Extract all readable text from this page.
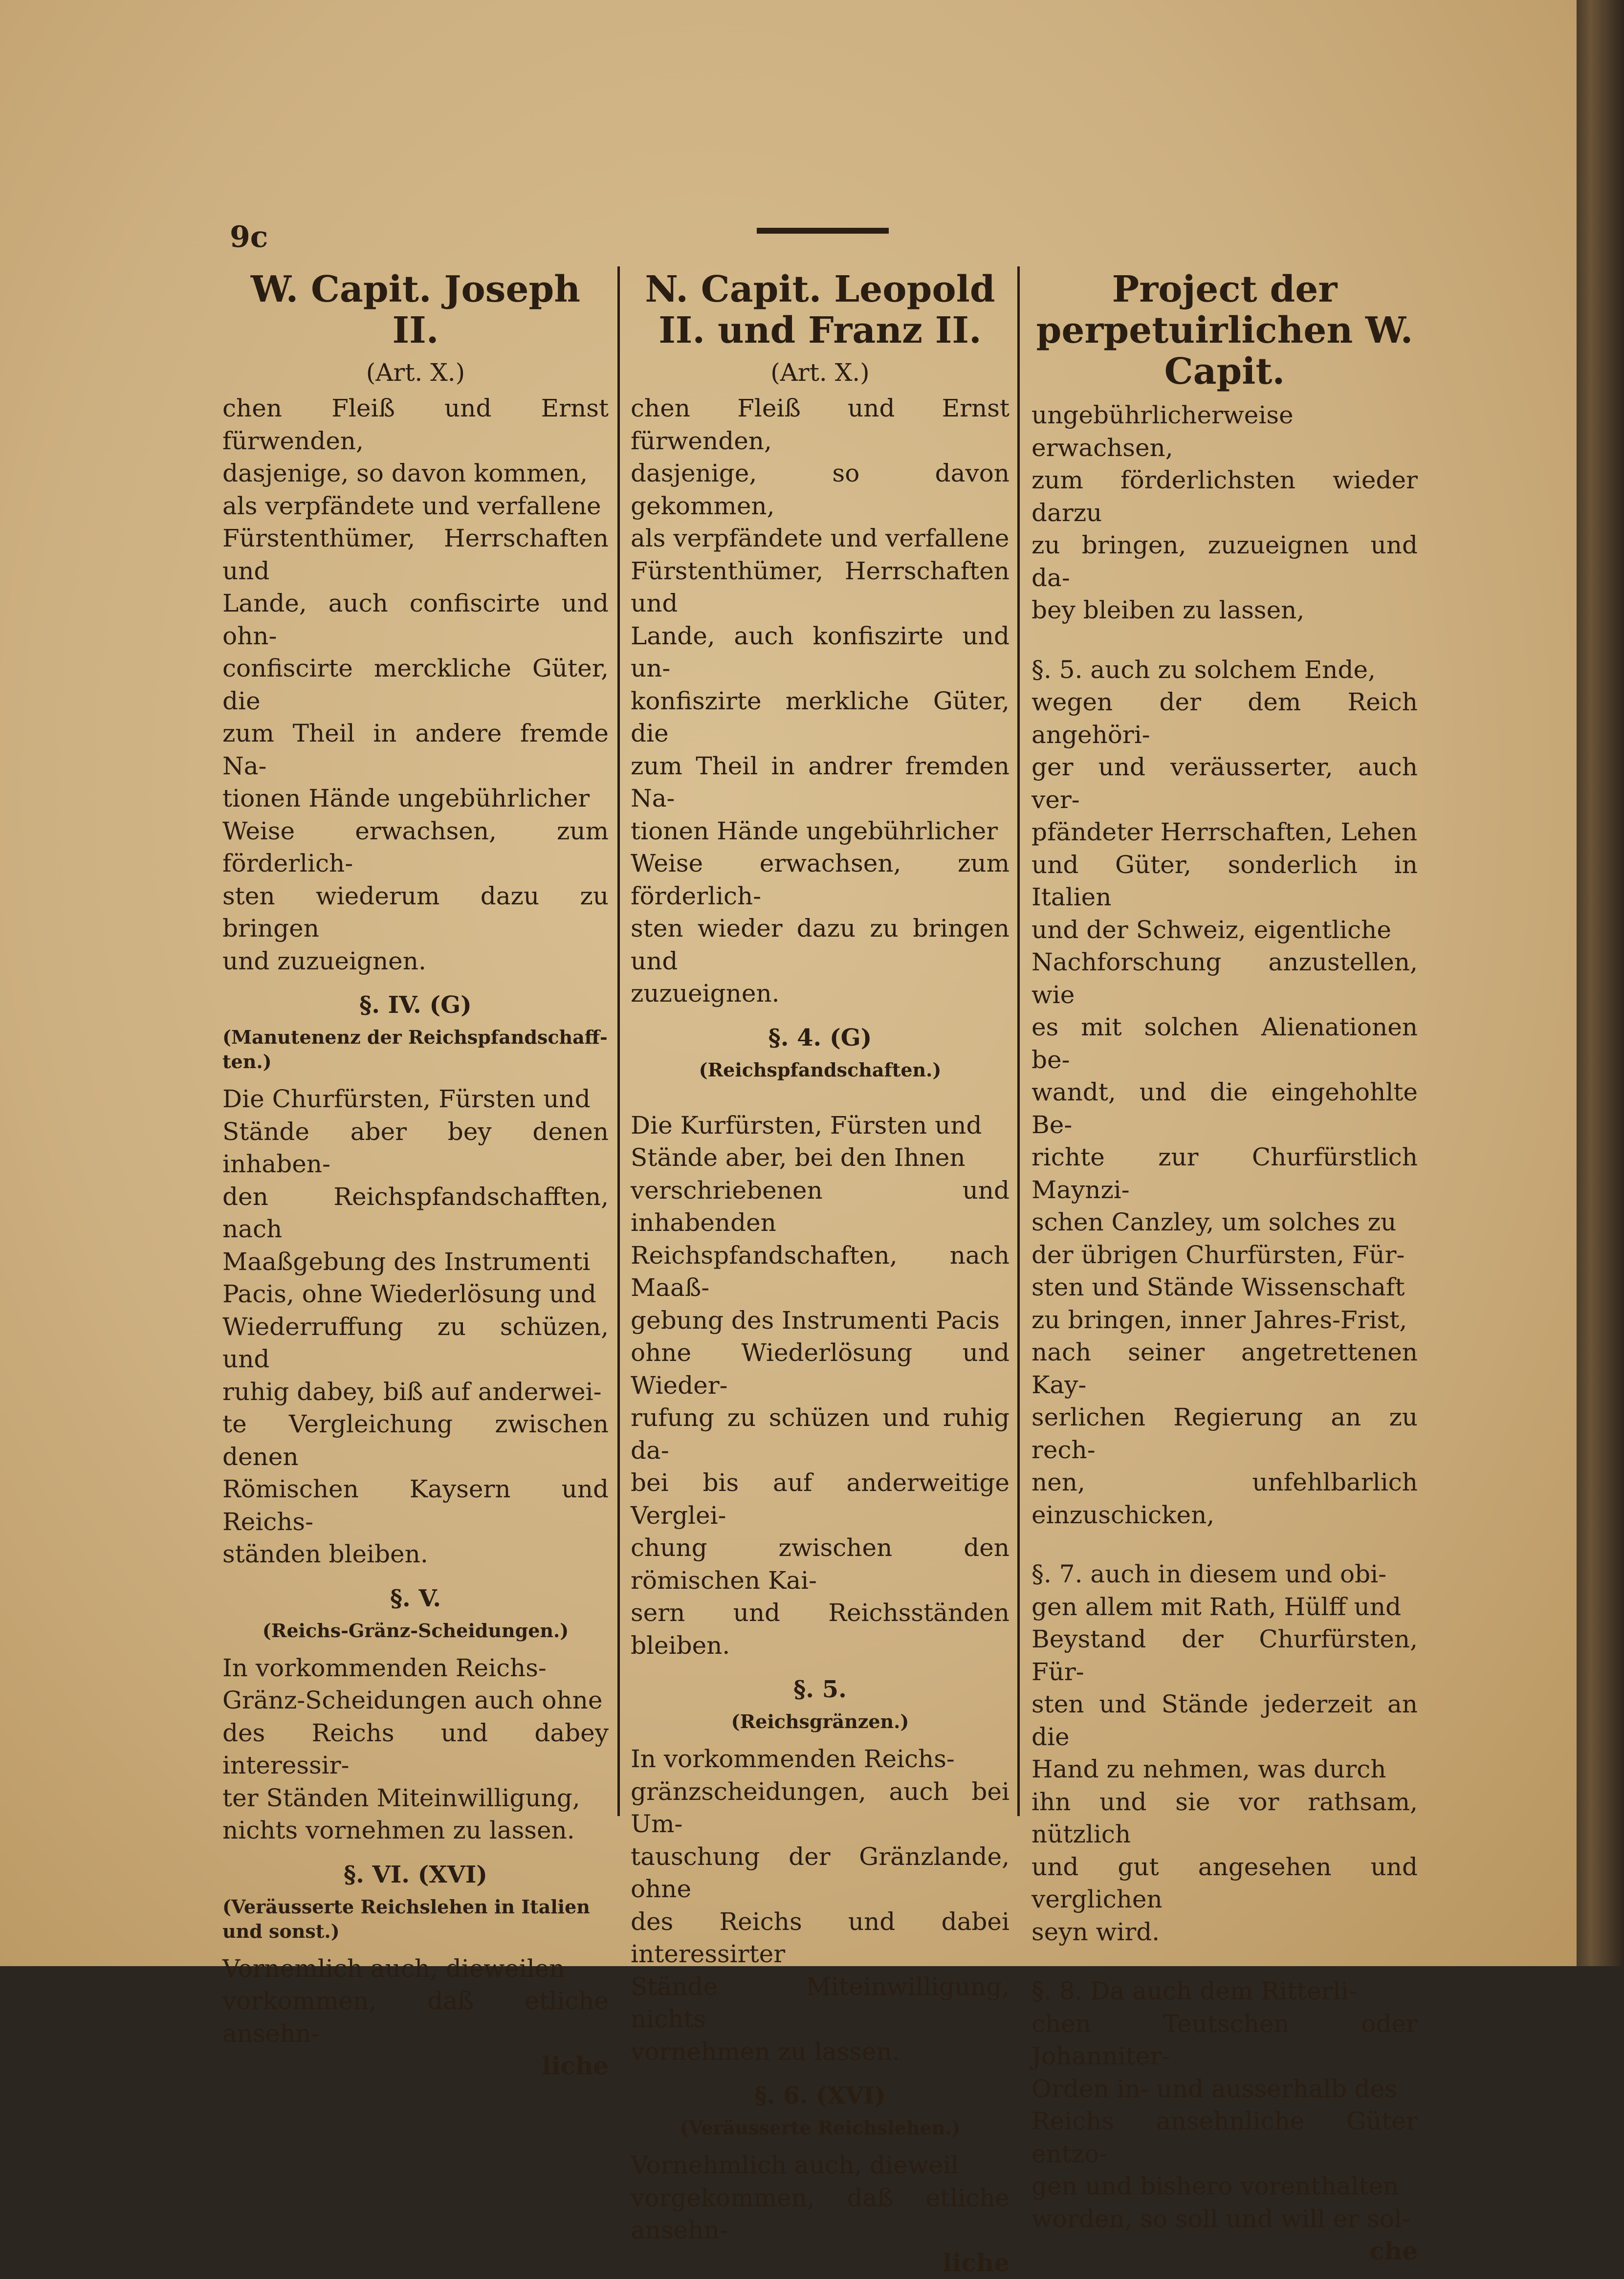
9c
W. Capit. Joseph II.
(Art. X.)

chen Fleiß und Ernst fürwenden,
dasjenige, so davon kommen,
als verpfändete und verfallene
Fürstenthümer, Herrschaften und
Lande, auch confiscirte und ohn-
confiscirte merckliche Güter, die
zum Theil in andere fremde Na-
tionen Hände ungebührlicher
Weise erwachsen, zum förderlich-
sten wiederum dazu zu bringen
und zuzueignen.

§. IV. (G)
(Manutenenz der Reichspfandschaff-
ten.)

Die Churfürsten, Fürsten und
Stände aber bey denen inhaben-
den Reichspfandschafften, nach
Maaßgebung des Instrumenti
Pacis, ohne Wiederlösung und
Wiederruffung zu schüzen, und
ruhig dabey, biß auf anderwei-
te Vergleichung zwischen denen
Römischen Kaysern und Reichs-
ständen bleiben.

§. V.
(Reichs-Gränz-Scheidungen.)

In vorkommenden Reichs-
Gränz-Scheidungen auch ohne
des Reichs und dabey interessir-
ter Ständen Miteinwilligung,
nichts vornehmen zu lassen.

§. VI. (XVI)
(Veräusserte Reichslehen in Italien
und sonst.)

Vornemlich auch, dieweilen
vorkommen, daß etliche ansehn-

liche

N. Capit. Leopold II. und Franz II.
(Art. X.)

chen Fleiß und Ernst fürwenden,
dasjenige, so davon gekommen,
als verpfändete und verfallene
Fürstenthümer, Herrschaften und
Lande, auch konfiszirte und un-
konfiszirte merkliche Güter, die
zum Theil in andrer fremden Na-
tionen Hände ungebührlicher
Weise erwachsen, zum förderlich-
sten wieder dazu zu bringen und
zuzueignen.

§. 4. (G)
(Reichspfandschaften.)

Die Kurfürsten, Fürsten und
Stände aber, bei den Ihnen
verschriebenen und inhabenden
Reichspfandschaften, nach Maaß-
gebung des Instrumenti Pacis
ohne Wiederlösung und Wieder-
rufung zu schüzen und ruhig da-
bei bis auf anderweitige Verglei-
chung zwischen den römischen Kai-
sern und Reichsständen bleiben.

§. 5.
(Reichsgränzen.)

In vorkommenden Reichs-
gränzscheidungen, auch bei Um-
tauschung der Gränzlande, ohne
des Reichs und dabei interessirter
Stände Miteinwilligung, nichts
vornehmen zu lassen.

§. 6. (XVI)
(Veräusserte Reichslehen.)

Vornehmlich auch, dieweil
vorgekommen, daß etliche ansehn-

liche

Project der perpetuirlichen W. Capit.

ungebührlicherweise erwachsen,
zum förderlichsten wieder darzu
zu bringen, zuzueignen und da-
bey bleiben zu lassen,

§. 5. auch zu solchem Ende,
wegen der dem Reich angehöri-
ger und veräusserter, auch ver-
pfändeter Herrschaften, Lehen
und Güter, sonderlich in Italien
und der Schweiz, eigentliche
Nachforschung anzustellen, wie
es mit solchen Alienationen be-
wandt, und die eingehohlte Be-
richte zur Churfürstlich Maynzi-
schen Canzley, um solches zu
der übrigen Churfürsten, Für-
sten und Stände Wissenschaft
zu bringen, inner Jahres-Frist,
nach seiner angetrettenen Kay-
serlichen Regierung an zu rech-
nen, unfehlbarlich einzuschicken,

§. 7. auch in diesem und obi-
gen allem mit Rath, Hülff und
Beystand der Churfürsten, Für-
sten und Stände jederzeit an die
Hand zu nehmen, was durch
ihn und sie vor rathsam, nützlich
und gut angesehen und verglichen
seyn wird.

§. 8. Da auch dem Ritterli-
chen Teutschen oder Johanniter-
Orden in- und ausserhalb des
Reichs ansehnliche Güter entzo-
gen und bishero vorenthalten
worden, so soll und will er sol-

che
